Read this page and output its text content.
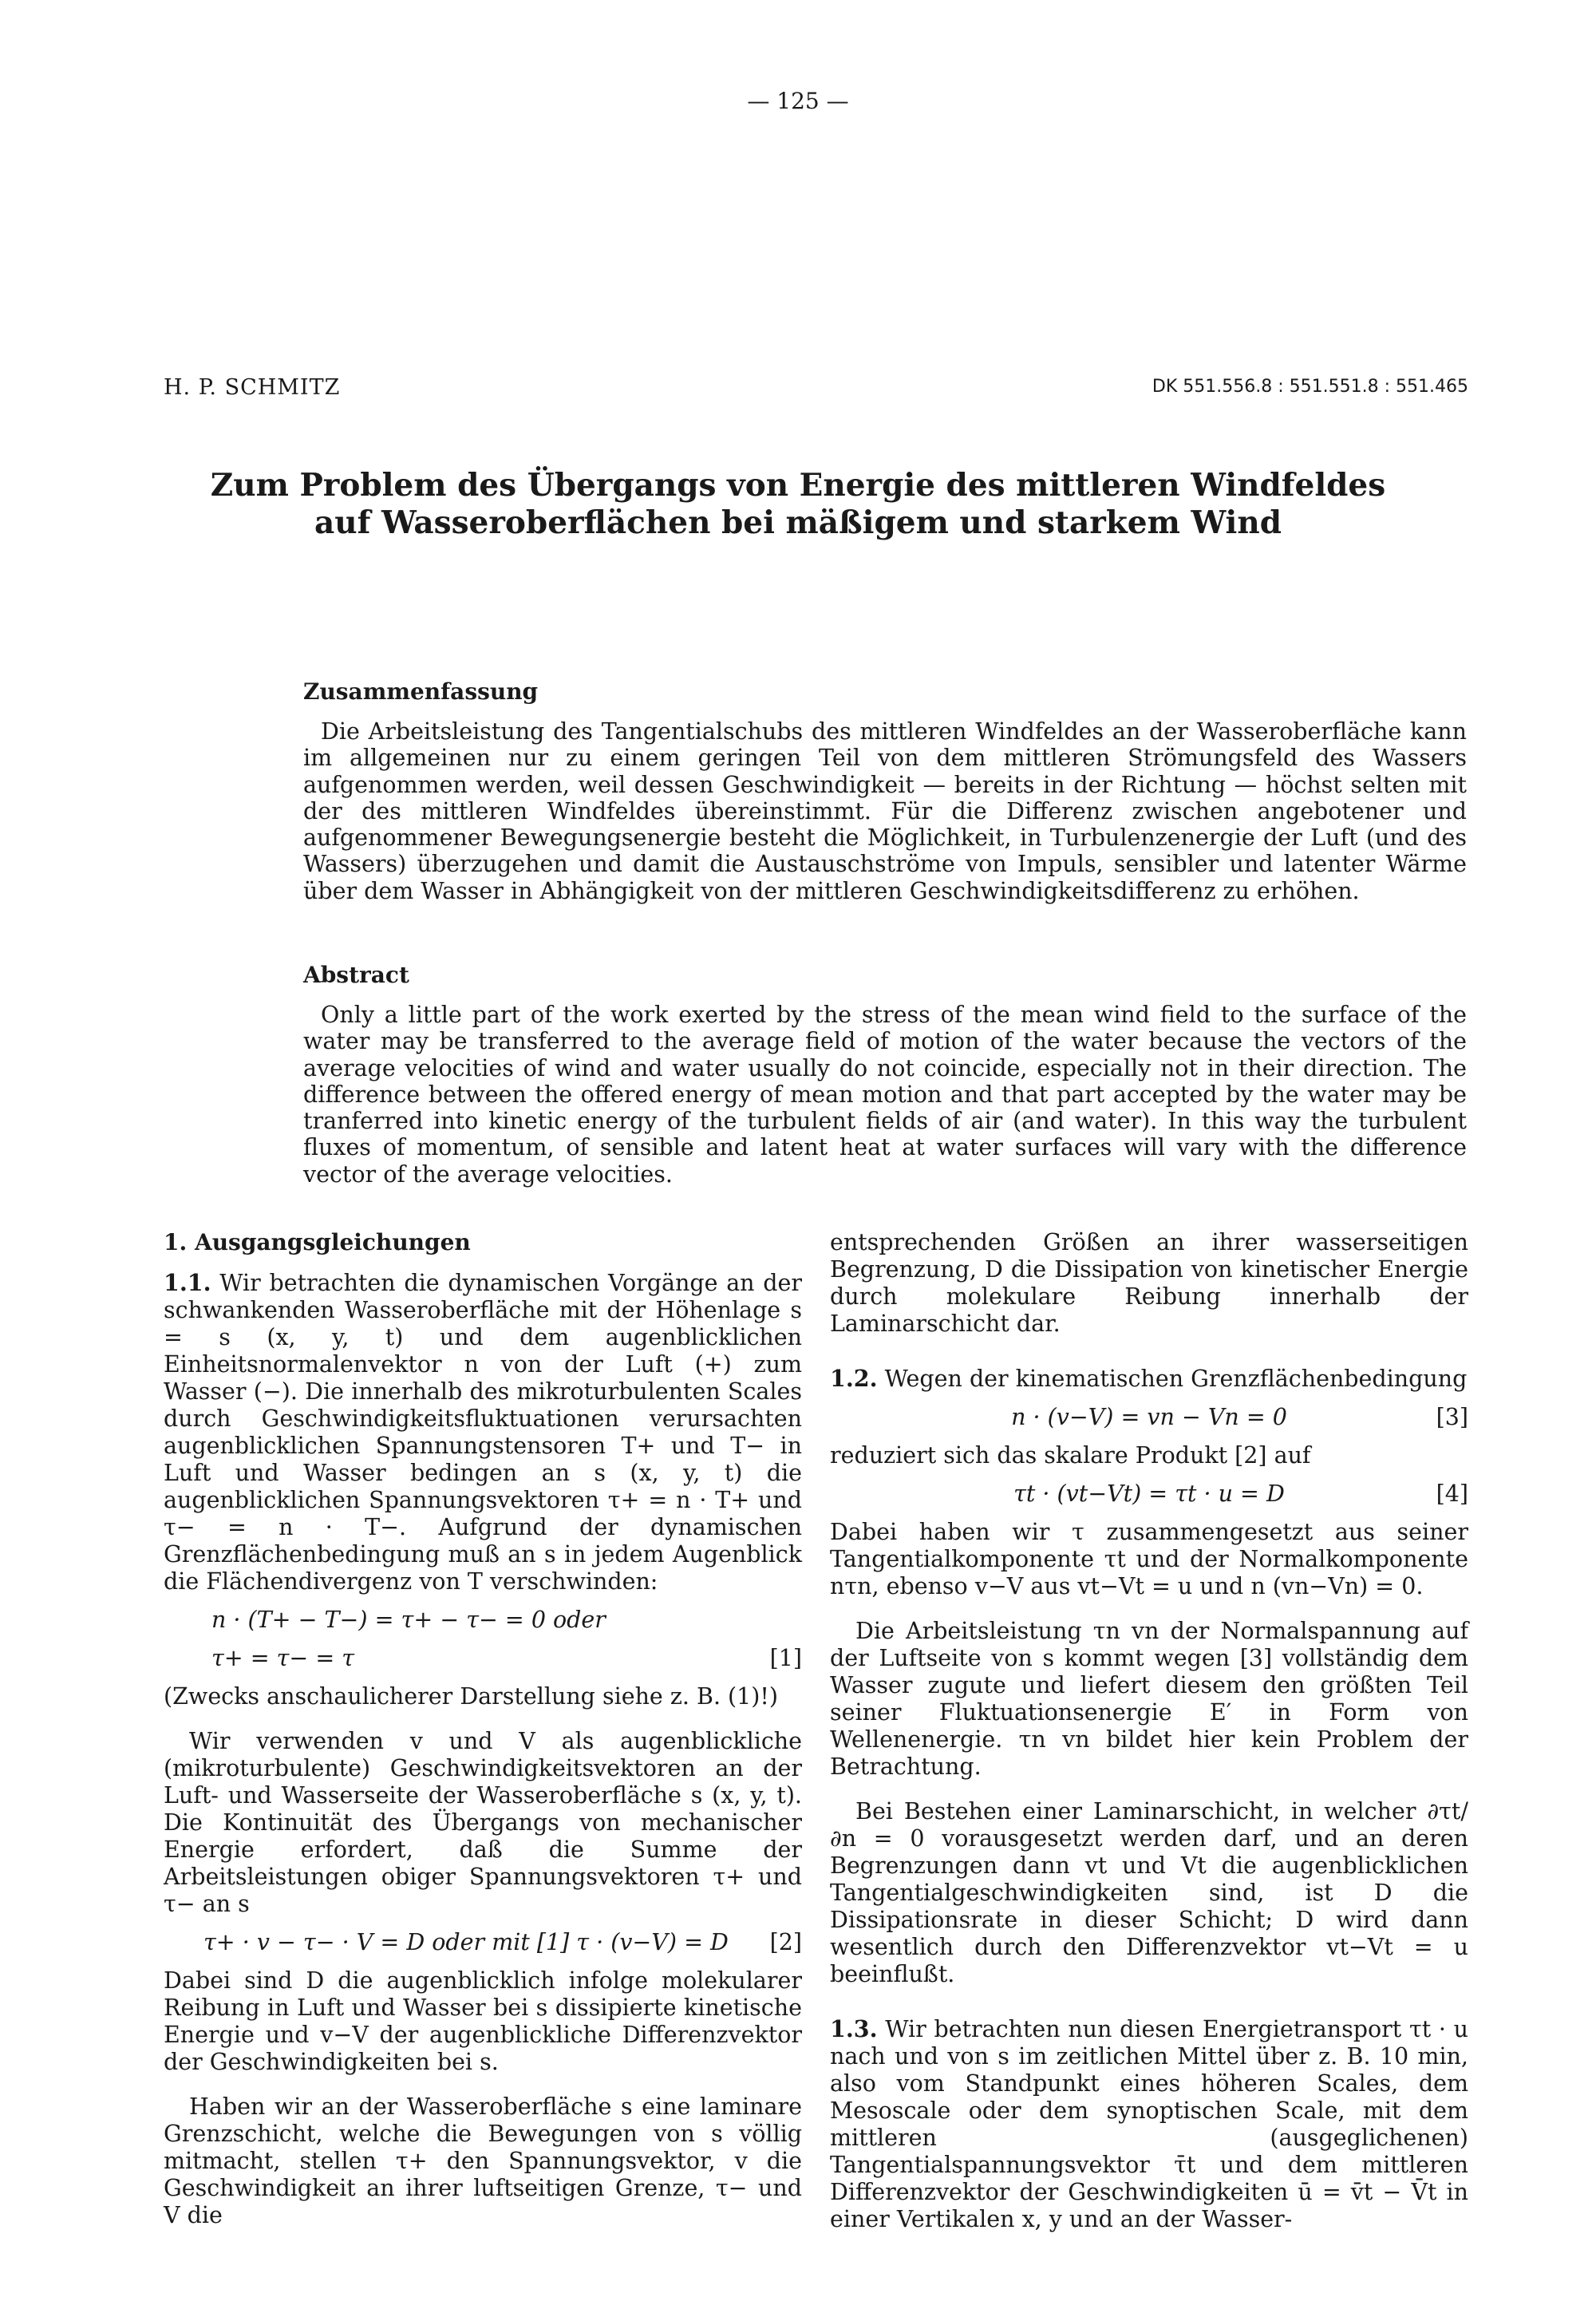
— 125 —
H. P. SCHMITZ	DK 551.556.8 : 551.551.8 : 551.465
Zum Problem des Übergangs von Energie des mittleren Windfeldes
auf Wasseroberflächen bei mäßigem und starkem Wind
Zusammenfassung

Die Arbeitsleistung des Tangentialschubs des mittleren Windfeldes an der Wasseroberfläche kann im allgemeinen nur zu einem geringen Teil von dem mittleren Strömungsfeld des Wassers aufgenommen werden, weil dessen Geschwindigkeit — bereits in der Richtung — höchst selten mit der des mittleren Windfeldes übereinstimmt. Für die Differenz zwischen angebotener und aufgenommener Bewegungsenergie besteht die Möglichkeit, in Turbulenzenergie der Luft (und des Wassers) überzugehen und damit die Austauschströme von Impuls, sensibler und latenter Wärme über dem Wasser in Abhängigkeit von der mittleren Geschwindigkeitsdifferenz zu erhöhen.

Abstract

Only a little part of the work exerted by the stress of the mean wind field to the surface of the water may be transferred to the average field of motion of the water because the vectors of the average velocities of wind and water usually do not coincide, especially not in their direction. The difference between the offered energy of mean motion and that part accepted by the water may be tranferred into kinetic energy of the turbulent fields of air (and water). In this way the turbulent fluxes of momentum, of sensible and latent heat at water surfaces will vary with the difference vector of the average velocities.

1. Ausgangsgleichungen

1.1. Wir betrachten die dynamischen Vorgänge an der schwankenden Wasseroberfläche mit der Höhenlage s = s (x, y, t) und dem augenblicklichen Einheitsnormalenvektor n von der Luft (+) zum Wasser (−). Die innerhalb des mikroturbulenten Scales durch Geschwindigkeitsfluktuationen verursachten augenblicklichen Spannungstensoren T+ und T− in Luft und Wasser bedingen an s (x, y, t) die augenblicklichen Spannungsvektoren τ+ = n · T+ und τ− = n · T−. Aufgrund der dynamischen Grenzflächenbedingung muß an s in jedem Augenblick die Flächendivergenz von T verschwinden:

n · (T+ − T−) = τ+ − τ− = 0 oder
τ+ = τ− = τ	[1]

(Zwecks anschaulicherer Darstellung siehe z. B. (1)!)

Wir verwenden v und V als augenblickliche (mikroturbulente) Geschwindigkeitsvektoren an der Luft- und Wasserseite der Wasseroberfläche s (x, y, t). Die Kontinuität des Übergangs von mechanischer Energie erfordert, daß die Summe der Arbeitsleistungen obiger Spannungsvektoren τ+ und τ− an s

τ+ · v − τ− · V = D oder mit [1] τ · (v−V) = D [2]

Dabei sind D die augenblicklich infolge molekularer Reibung in Luft und Wasser bei s dissipierte kinetische Energie und v−V der augenblickliche Differenzvektor der Geschwindigkeiten bei s.

Haben wir an der Wasseroberfläche s eine laminare Grenzschicht, welche die Bewegungen von s völlig mitmacht, stellen τ+ den Spannungsvektor, v die Geschwindigkeit an ihrer luftseitigen Grenze, τ− und V die

entsprechenden Größen an ihrer wasserseitigen Begrenzung, D die Dissipation von kinetischer Energie durch molekulare Reibung innerhalb der Laminarschicht dar.

1.2. Wegen der kinematischen Grenzflächenbedingung

n · (v−V) = vn − Vn = 0	[3]

reduziert sich das skalare Produkt [2] auf

τt · (vt−Vt) = τt · u = D	[4]

Dabei haben wir τ zusammengesetzt aus seiner Tangentialkomponente τt und der Normalkomponente nτn, ebenso v−V aus vt−Vt = u und n (vn−Vn) = 0.

Die Arbeitsleistung τn vn der Normalspannung auf der Luftseite von s kommt wegen [3] vollständig dem Wasser zugute und liefert diesem den größten Teil seiner Fluktuationsenergie E′ in Form von Wellenenergie. τn vn bildet hier kein Problem der Betrachtung.

Bei Bestehen einer Laminarschicht, in welcher ∂τt/∂n = 0 vorausgesetzt werden darf, und an deren Begrenzungen dann vt und Vt die augenblicklichen Tangentialgeschwindigkeiten sind, ist D die Dissipationsrate in dieser Schicht; D wird dann wesentlich durch den Differenzvektor vt−Vt = u beeinflußt.

1.3. Wir betrachten nun diesen Energietransport τt · u nach und von s im zeitlichen Mittel über z. B. 10 min, also vom Standpunkt eines höheren Scales, dem Mesoscale oder dem synoptischen Scale, mit dem mittleren (ausgeglichenen) Tangentialspannungsvektor τ̄t und dem mittleren Differenzvektor der Geschwindigkeiten ū = v̄t − V̄t in einer Vertikalen x, y und an der Wasser-
